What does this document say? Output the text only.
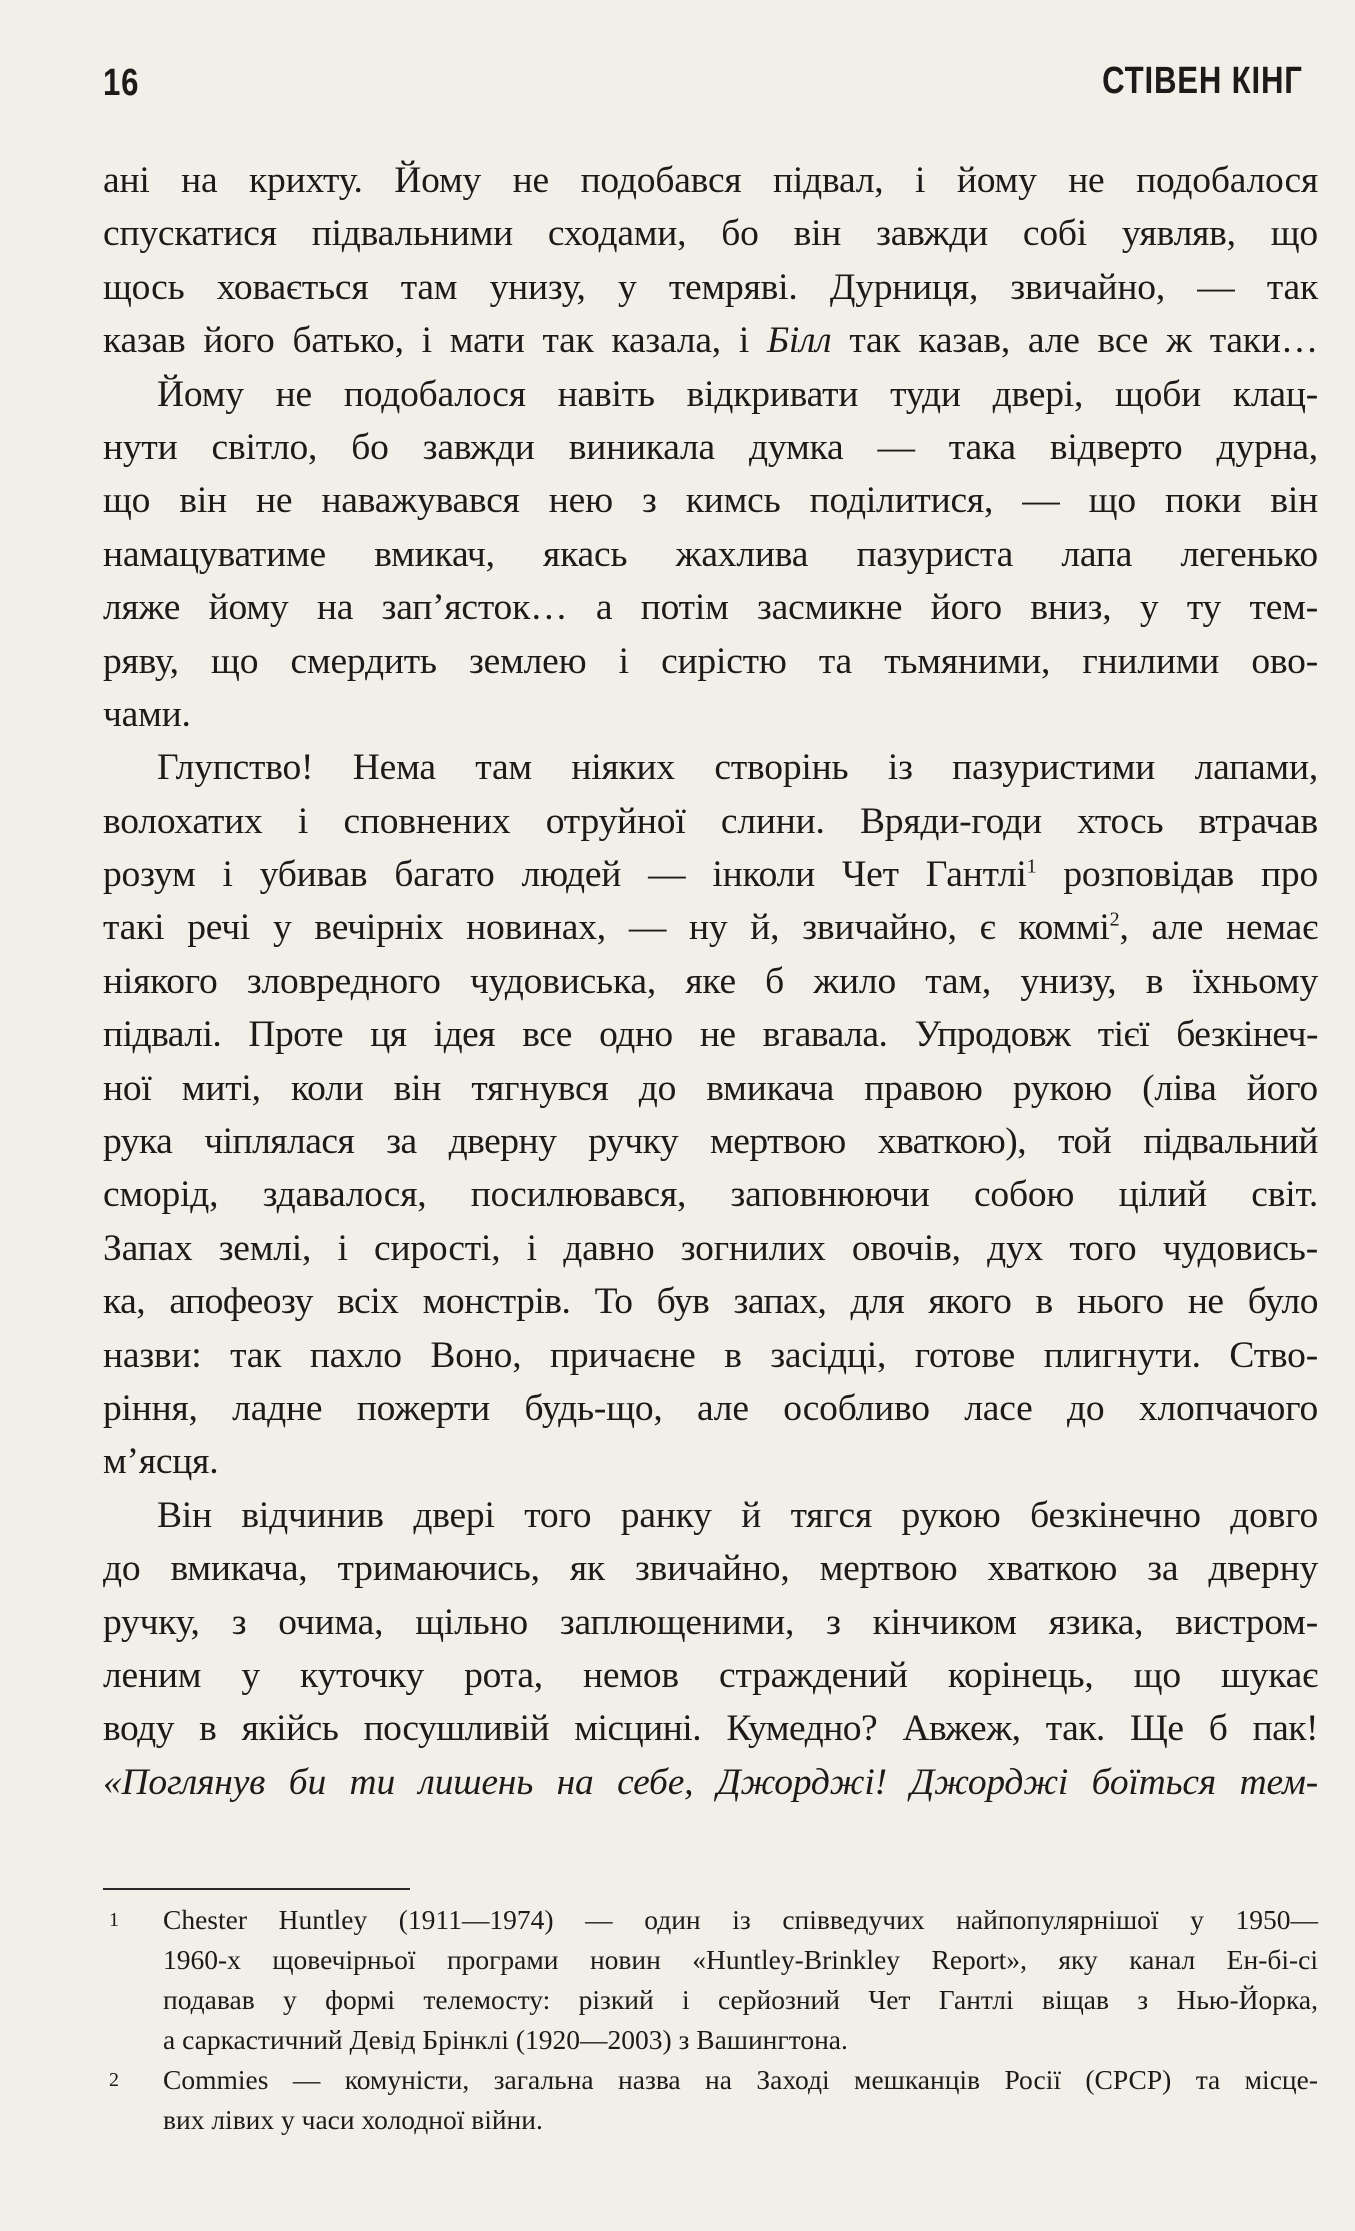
16	СТІВЕН КІНГ
ані на крихту. Йому не подобався підвал, і йому не подобалося
спускатися підвальними сходами, бо він завжди собі уявляв, що
щось ховається там унизу, у темряві. Дурниця, звичайно, — так
казав його батько, і мати так казала, і Білл так казав, але все ж таки…
Йому не подобалося навіть відкривати туди двері, щоби клац-
нути світло, бо завжди виникала думка — така відверто дурна,
що він не наважувався нею з кимсь поділитися, — що поки він
намацуватиме вмикач, якась жахлива пазуриста лапа легенько
ляже йому на зап’ясток… а потім засмикне його вниз, у ту тем-
ряву, що смердить землею і сирістю та тьмяними, гнилими ово-
чами.
Глупство! Нема там ніяких створінь із пазуристими лапами,
волохатих і сповнених отруйної слини. Вряди-годи хтось втрачав
розум і убивав багато людей — інколи Чет Гантлі$^1$ розповідав про
такі речі у вечірніх новинах, — ну й, звичайно, є коммі$^2$, але немає
ніякого зловредного чудовиська, яке б жило там, унизу, в їхньому
підвалі. Проте ця ідея все одно не вгавала. Упродовж тієї безкінеч-
ної миті, коли він тягнувся до вмикача правою рукою (ліва його
рука чіплялася за дверну ручку мертвою хваткою), той підвальний
сморід, здавалося, посилювався, заповнюючи собою цілий світ.
Запах землі, і сирості, і давно зогнилих овочів, дух того чудовись-
ка, апофеозу всіх монстрів. То був запах, для якого в нього не було
назви: так пахло Воно, причаєне в засідці, готове плигнути. Ство-
ріння, ладне пожерти будь-що, але особливо ласе до хлопчачого
м’ясця.
Він відчинив двері того ранку й тягся рукою безкінечно довго
до вмикача, тримаючись, як звичайно, мертвою хваткою за дверну
ручку, з очима, щільно заплющеними, з кінчиком язика, вистром-
леним у куточку рота, немов страждений корінець, що шукає
воду в якійсь посушливій місцині. Кумедно? Авжеж, так. Ще б пак!
«Поглянув би ти лишень на себе, Джорджі! Джорджі боїться тем-
1 Chester Huntley (1911—1974) — один із співведучих найпопулярнішої у 1950—
1960-х щовечірньої програми новин «Huntley-Brinkley Report», яку канал Ен-бі-сі
подавав у формі телемосту: різкий і серйозний Чет Гантлі віщав з Нью-Йорка,
а саркастичний Девід Брінклі (1920—2003) з Вашингтона.
2 Commies — комуністи, загальна назва на Заході мешканців Росії (СРСР) та місце-
вих лівих у часи холодної війни.
